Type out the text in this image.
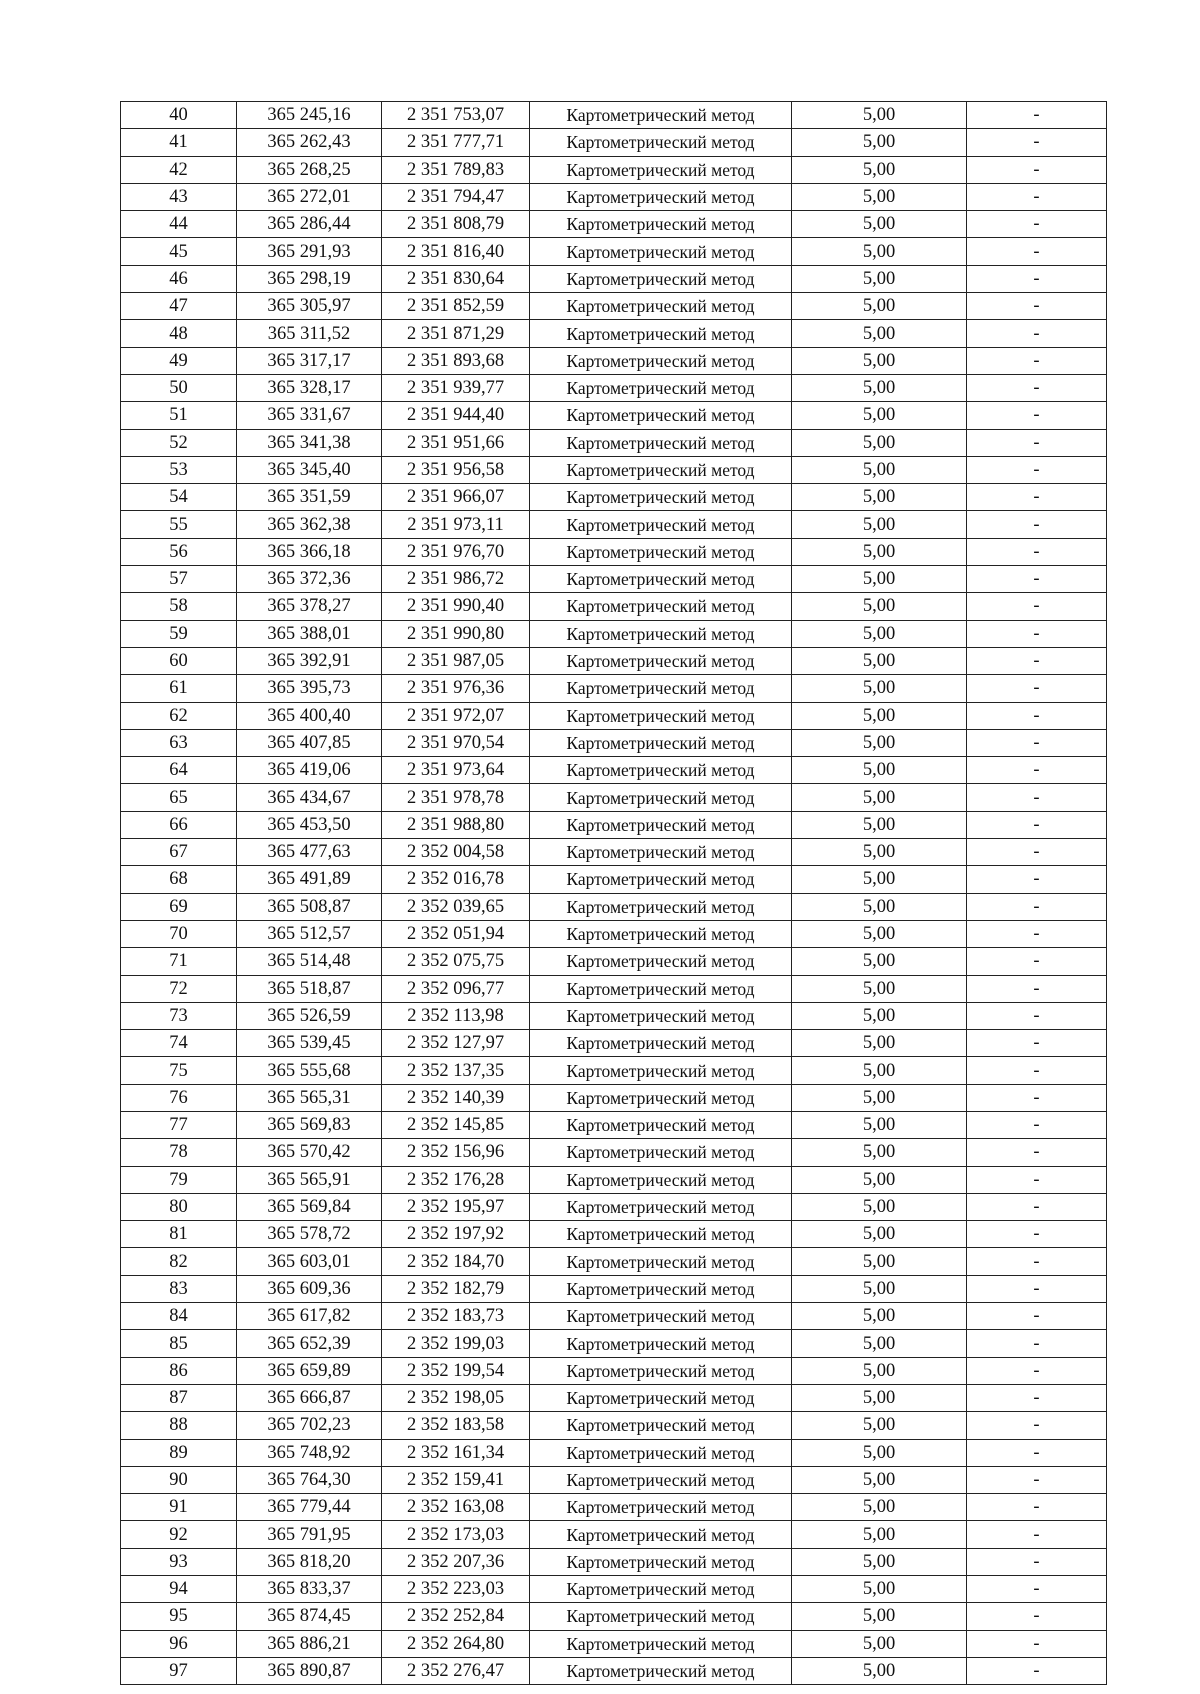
40	365 245,16	2 351 753,07	Картометрический метод	5,00	-
41	365 262,43	2 351 777,71	Картометрический метод	5,00	-
42	365 268,25	2 351 789,83	Картометрический метод	5,00	-
43	365 272,01	2 351 794,47	Картометрический метод	5,00	-
44	365 286,44	2 351 808,79	Картометрический метод	5,00	-
45	365 291,93	2 351 816,40	Картометрический метод	5,00	-
46	365 298,19	2 351 830,64	Картометрический метод	5,00	-
47	365 305,97	2 351 852,59	Картометрический метод	5,00	-
48	365 311,52	2 351 871,29	Картометрический метод	5,00	-
49	365 317,17	2 351 893,68	Картометрический метод	5,00	-
50	365 328,17	2 351 939,77	Картометрический метод	5,00	-
51	365 331,67	2 351 944,40	Картометрический метод	5,00	-
52	365 341,38	2 351 951,66	Картометрический метод	5,00	-
53	365 345,40	2 351 956,58	Картометрический метод	5,00	-
54	365 351,59	2 351 966,07	Картометрический метод	5,00	-
55	365 362,38	2 351 973,11	Картометрический метод	5,00	-
56	365 366,18	2 351 976,70	Картометрический метод	5,00	-
57	365 372,36	2 351 986,72	Картометрический метод	5,00	-
58	365 378,27	2 351 990,40	Картометрический метод	5,00	-
59	365 388,01	2 351 990,80	Картометрический метод	5,00	-
60	365 392,91	2 351 987,05	Картометрический метод	5,00	-
61	365 395,73	2 351 976,36	Картометрический метод	5,00	-
62	365 400,40	2 351 972,07	Картометрический метод	5,00	-
63	365 407,85	2 351 970,54	Картометрический метод	5,00	-
64	365 419,06	2 351 973,64	Картометрический метод	5,00	-
65	365 434,67	2 351 978,78	Картометрический метод	5,00	-
66	365 453,50	2 351 988,80	Картометрический метод	5,00	-
67	365 477,63	2 352 004,58	Картометрический метод	5,00	-
68	365 491,89	2 352 016,78	Картометрический метод	5,00	-
69	365 508,87	2 352 039,65	Картометрический метод	5,00	-
70	365 512,57	2 352 051,94	Картометрический метод	5,00	-
71	365 514,48	2 352 075,75	Картометрический метод	5,00	-
72	365 518,87	2 352 096,77	Картометрический метод	5,00	-
73	365 526,59	2 352 113,98	Картометрический метод	5,00	-
74	365 539,45	2 352 127,97	Картометрический метод	5,00	-
75	365 555,68	2 352 137,35	Картометрический метод	5,00	-
76	365 565,31	2 352 140,39	Картометрический метод	5,00	-
77	365 569,83	2 352 145,85	Картометрический метод	5,00	-
78	365 570,42	2 352 156,96	Картометрический метод	5,00	-
79	365 565,91	2 352 176,28	Картометрический метод	5,00	-
80	365 569,84	2 352 195,97	Картометрический метод	5,00	-
81	365 578,72	2 352 197,92	Картометрический метод	5,00	-
82	365 603,01	2 352 184,70	Картометрический метод	5,00	-
83	365 609,36	2 352 182,79	Картометрический метод	5,00	-
84	365 617,82	2 352 183,73	Картометрический метод	5,00	-
85	365 652,39	2 352 199,03	Картометрический метод	5,00	-
86	365 659,89	2 352 199,54	Картометрический метод	5,00	-
87	365 666,87	2 352 198,05	Картометрический метод	5,00	-
88	365 702,23	2 352 183,58	Картометрический метод	5,00	-
89	365 748,92	2 352 161,34	Картометрический метод	5,00	-
90	365 764,30	2 352 159,41	Картометрический метод	5,00	-
91	365 779,44	2 352 163,08	Картометрический метод	5,00	-
92	365 791,95	2 352 173,03	Картометрический метод	5,00	-
93	365 818,20	2 352 207,36	Картометрический метод	5,00	-
94	365 833,37	2 352 223,03	Картометрический метод	5,00	-
95	365 874,45	2 352 252,84	Картометрический метод	5,00	-
96	365 886,21	2 352 264,80	Картометрический метод	5,00	-
97	365 890,87	2 352 276,47	Картометрический метод	5,00	-
